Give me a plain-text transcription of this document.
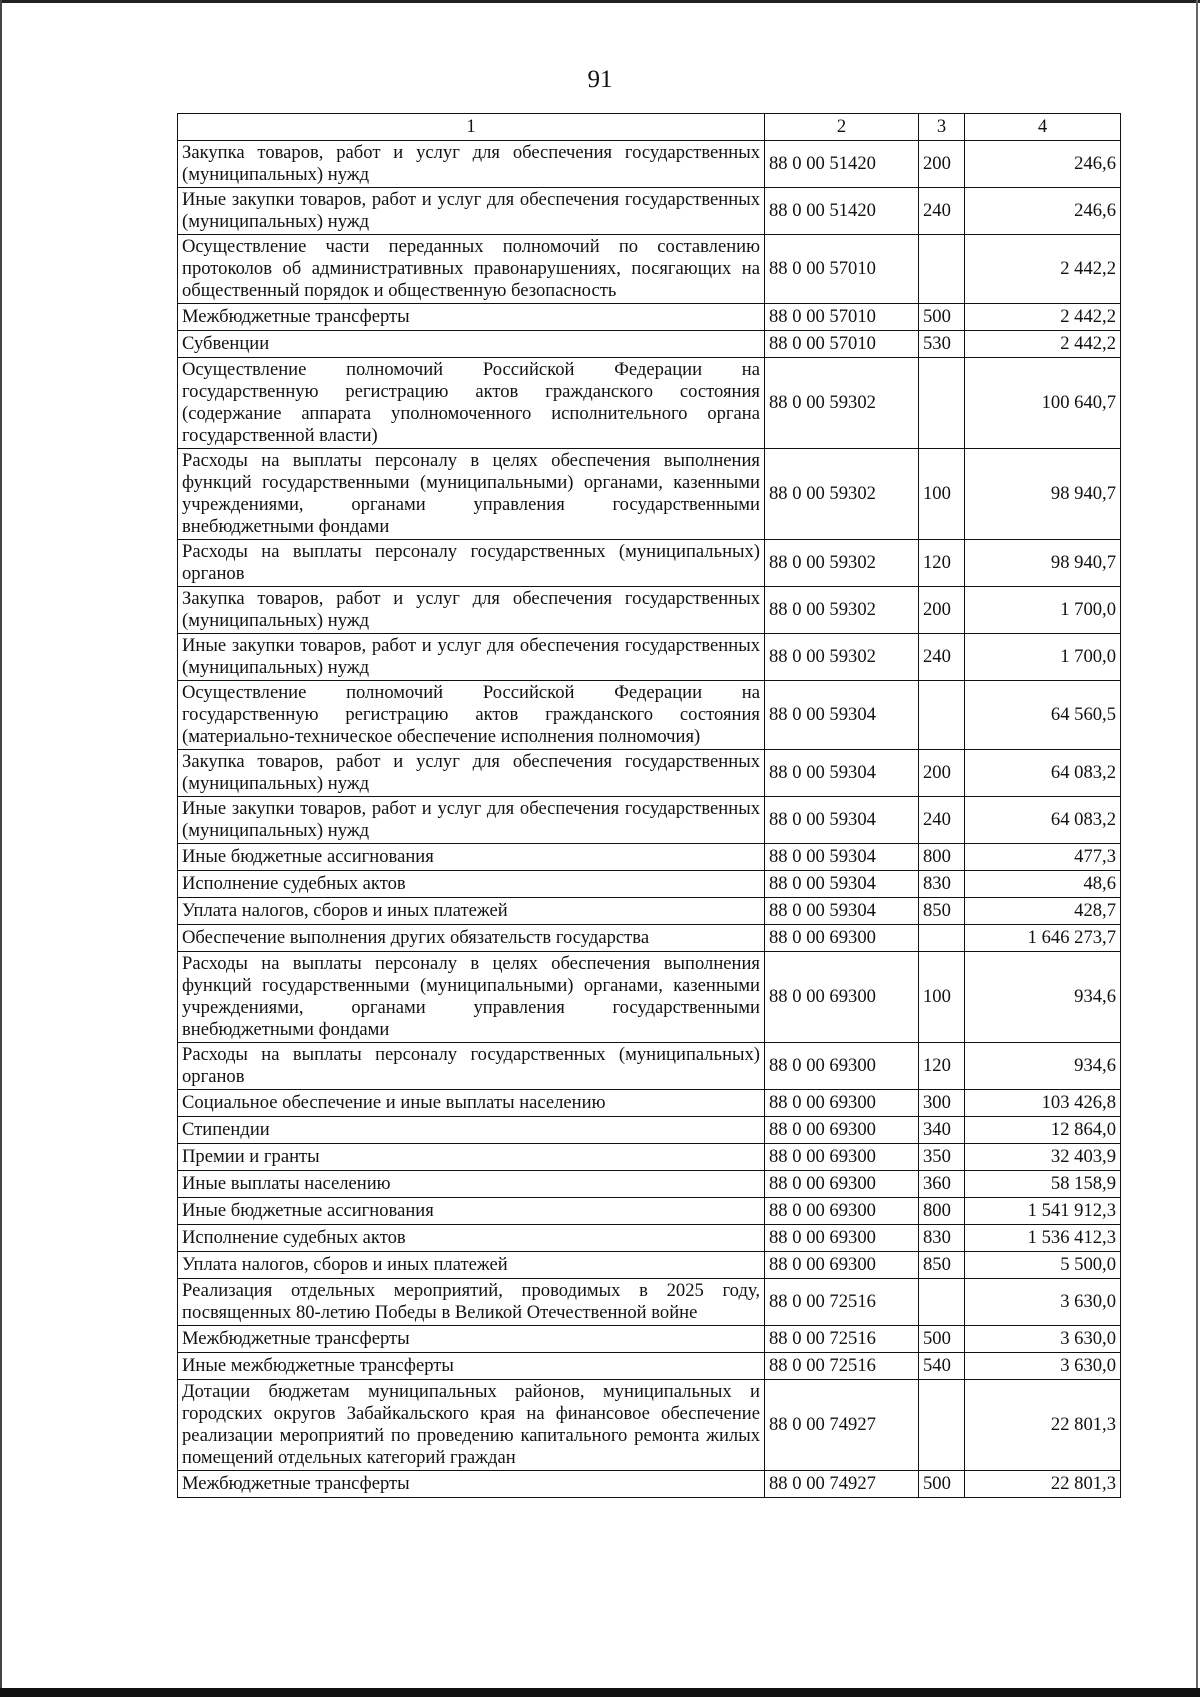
91
1	2	3	4
Закупка товаров, работ и услуг для обеспечения государственных (муниципальных) нужд	88 0 00 51420	200	246,6
Иные закупки товаров, работ и услуг для обеспечения государственных (муниципальных) нужд	88 0 00 51420	240	246,6
Осуществление части переданных полномочий по составлению протоколов об административных правонарушениях, посягающих на общественный порядок и общественную безопасность	88 0 00 57010		2 442,2
Межбюджетные трансферты	88 0 00 57010	500	2 442,2
Субвенции	88 0 00 57010	530	2 442,2
Осуществление полномочий Российской Федерации на государственную регистрацию актов гражданского состояния (содержание аппарата уполномоченного исполнительного органа государственной власти)	88 0 00 59302		100 640,7
Расходы на выплаты персоналу в целях обеспечения выполнения функций государственными (муниципальными) органами, казенными учреждениями, органами управления государственными внебюджетными фондами	88 0 00 59302	100	98 940,7
Расходы на выплаты персоналу государственных (муниципальных) органов	88 0 00 59302	120	98 940,7
Закупка товаров, работ и услуг для обеспечения государственных (муниципальных) нужд	88 0 00 59302	200	1 700,0
Иные закупки товаров, работ и услуг для обеспечения государственных (муниципальных) нужд	88 0 00 59302	240	1 700,0
Осуществление полномочий Российской Федерации на государственную регистрацию актов гражданского состояния (материально-техническое обеспечение исполнения полномочия)	88 0 00 59304		64 560,5
Закупка товаров, работ и услуг для обеспечения государственных (муниципальных) нужд	88 0 00 59304	200	64 083,2
Иные закупки товаров, работ и услуг для обеспечения государственных (муниципальных) нужд	88 0 00 59304	240	64 083,2
Иные бюджетные ассигнования	88 0 00 59304	800	477,3
Исполнение судебных актов	88 0 00 59304	830	48,6
Уплата налогов, сборов и иных платежей	88 0 00 59304	850	428,7
Обеспечение выполнения других обязательств государства	88 0 00 69300		1 646 273,7
Расходы на выплаты персоналу в целях обеспечения выполнения функций государственными (муниципальными) органами, казенными учреждениями, органами управления государственными внебюджетными фондами	88 0 00 69300	100	934,6
Расходы на выплаты персоналу государственных (муниципальных) органов	88 0 00 69300	120	934,6
Социальное обеспечение и иные выплаты населению	88 0 00 69300	300	103 426,8
Стипендии	88 0 00 69300	340	12 864,0
Премии и гранты	88 0 00 69300	350	32 403,9
Иные выплаты населению	88 0 00 69300	360	58 158,9
Иные бюджетные ассигнования	88 0 00 69300	800	1 541 912,3
Исполнение судебных актов	88 0 00 69300	830	1 536 412,3
Уплата налогов, сборов и иных платежей	88 0 00 69300	850	5 500,0
Реализация отдельных мероприятий, проводимых в 2025 году, посвященных 80-летию Победы в Великой Отечественной войне	88 0 00 72516		3 630,0
Межбюджетные трансферты	88 0 00 72516	500	3 630,0
Иные межбюджетные трансферты	88 0 00 72516	540	3 630,0
Дотации бюджетам муниципальных районов, муниципальных и городских округов Забайкальского края на финансовое обеспечение реализации мероприятий по проведению капитального ремонта жилых помещений отдельных категорий граждан	88 0 00 74927		22 801,3
Межбюджетные трансферты	88 0 00 74927	500	22 801,3
